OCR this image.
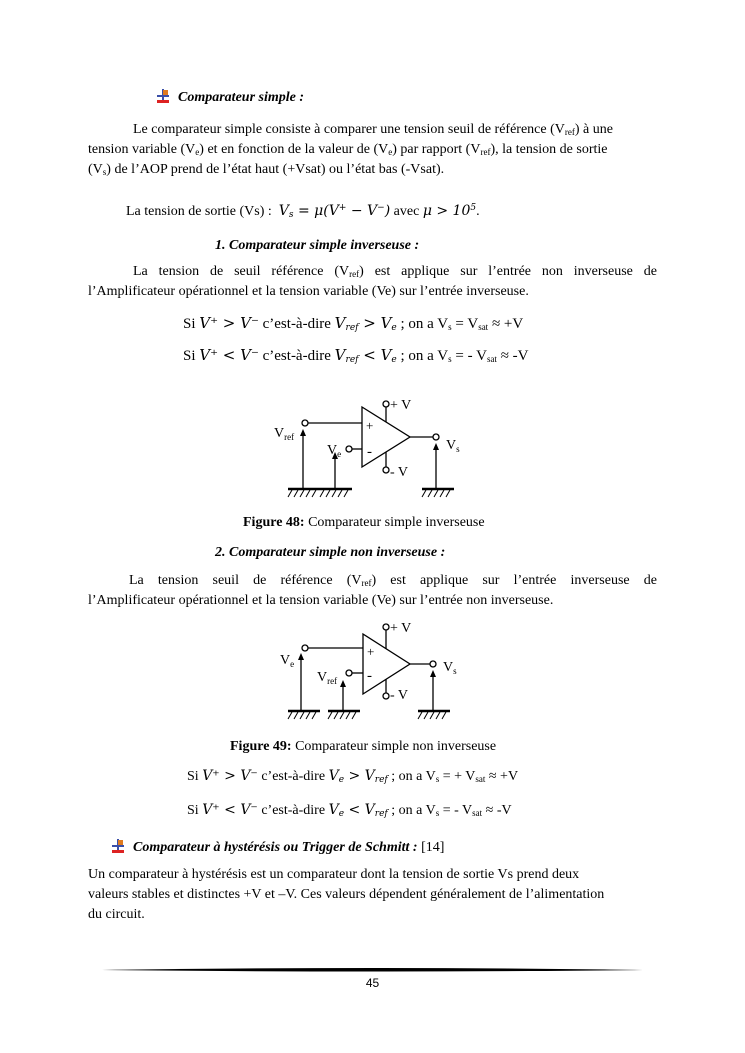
Comparateur simple :
Le comparateur simple consiste à comparer une tension seuil de référence $(V_{ref})$ à une
tension variable $(V_e)$ et en fonction de la valeur de $(V_e)$ par rapport $(V_{ref})$, la tension de sortie
$(V_s)$ de l’AOP prend de l’état haut (+Vsat) ou l’état bas (-Vsat).
La tension de sortie (Vs) : $V_s = \mu(V^+ - V^-)$ avec $\mu > 10^5$.
1. Comparateur simple inverseuse :
La tension de seuil référence $(V_{ref})$ est applique sur l’entrée non inverseuse de
l’Amplificateur opérationnel et la tension variable (Ve) sur l’entrée inverseuse.
Si V⁺ > V⁻ c’est-à-dire $V_{ref} > V_e$ ; on a $V_s = V_{sat} \approx +V$
Si V⁺ < V⁻ c’est-à-dire $V_{ref} < V_e$ ; on a $V_s$ = - $V_{sat} \approx -V$
$V_{ref}$
$V_e$
$V_s$
+ V
- V
+
-
Figure 48: Comparateur simple inverseuse
2. Comparateur simple non inverseuse :
La tension seuil de référence $(V_{ref})$ est applique sur l’entrée inverseuse de
l’Amplificateur opérationnel et la tension variable (Ve) sur l’entrée non inverseuse.
$V_e$
$V_{ref}$
$V_s$
+ V
- V
+
-
Figure 49: Comparateur simple non inverseuse
Si V⁺ > V⁻ c’est-à-dire $V_e > V_{ref}$ ; on a $V_s$ = + $V_{sat} \approx +V$
Si V⁺ < V⁻ c’est-à-dire $V_e < V_{ref}$ ; on a $V_s$ = - $V_{sat} \approx -V$
Comparateur à hystérésis ou Trigger de Schmitt : [14]
Un comparateur à hystérésis est un comparateur dont la tension de sortie Vs prend deux
valeurs stables et distinctes +V et –V. Ces valeurs dépendent généralement de l’alimentation
du circuit.
45
